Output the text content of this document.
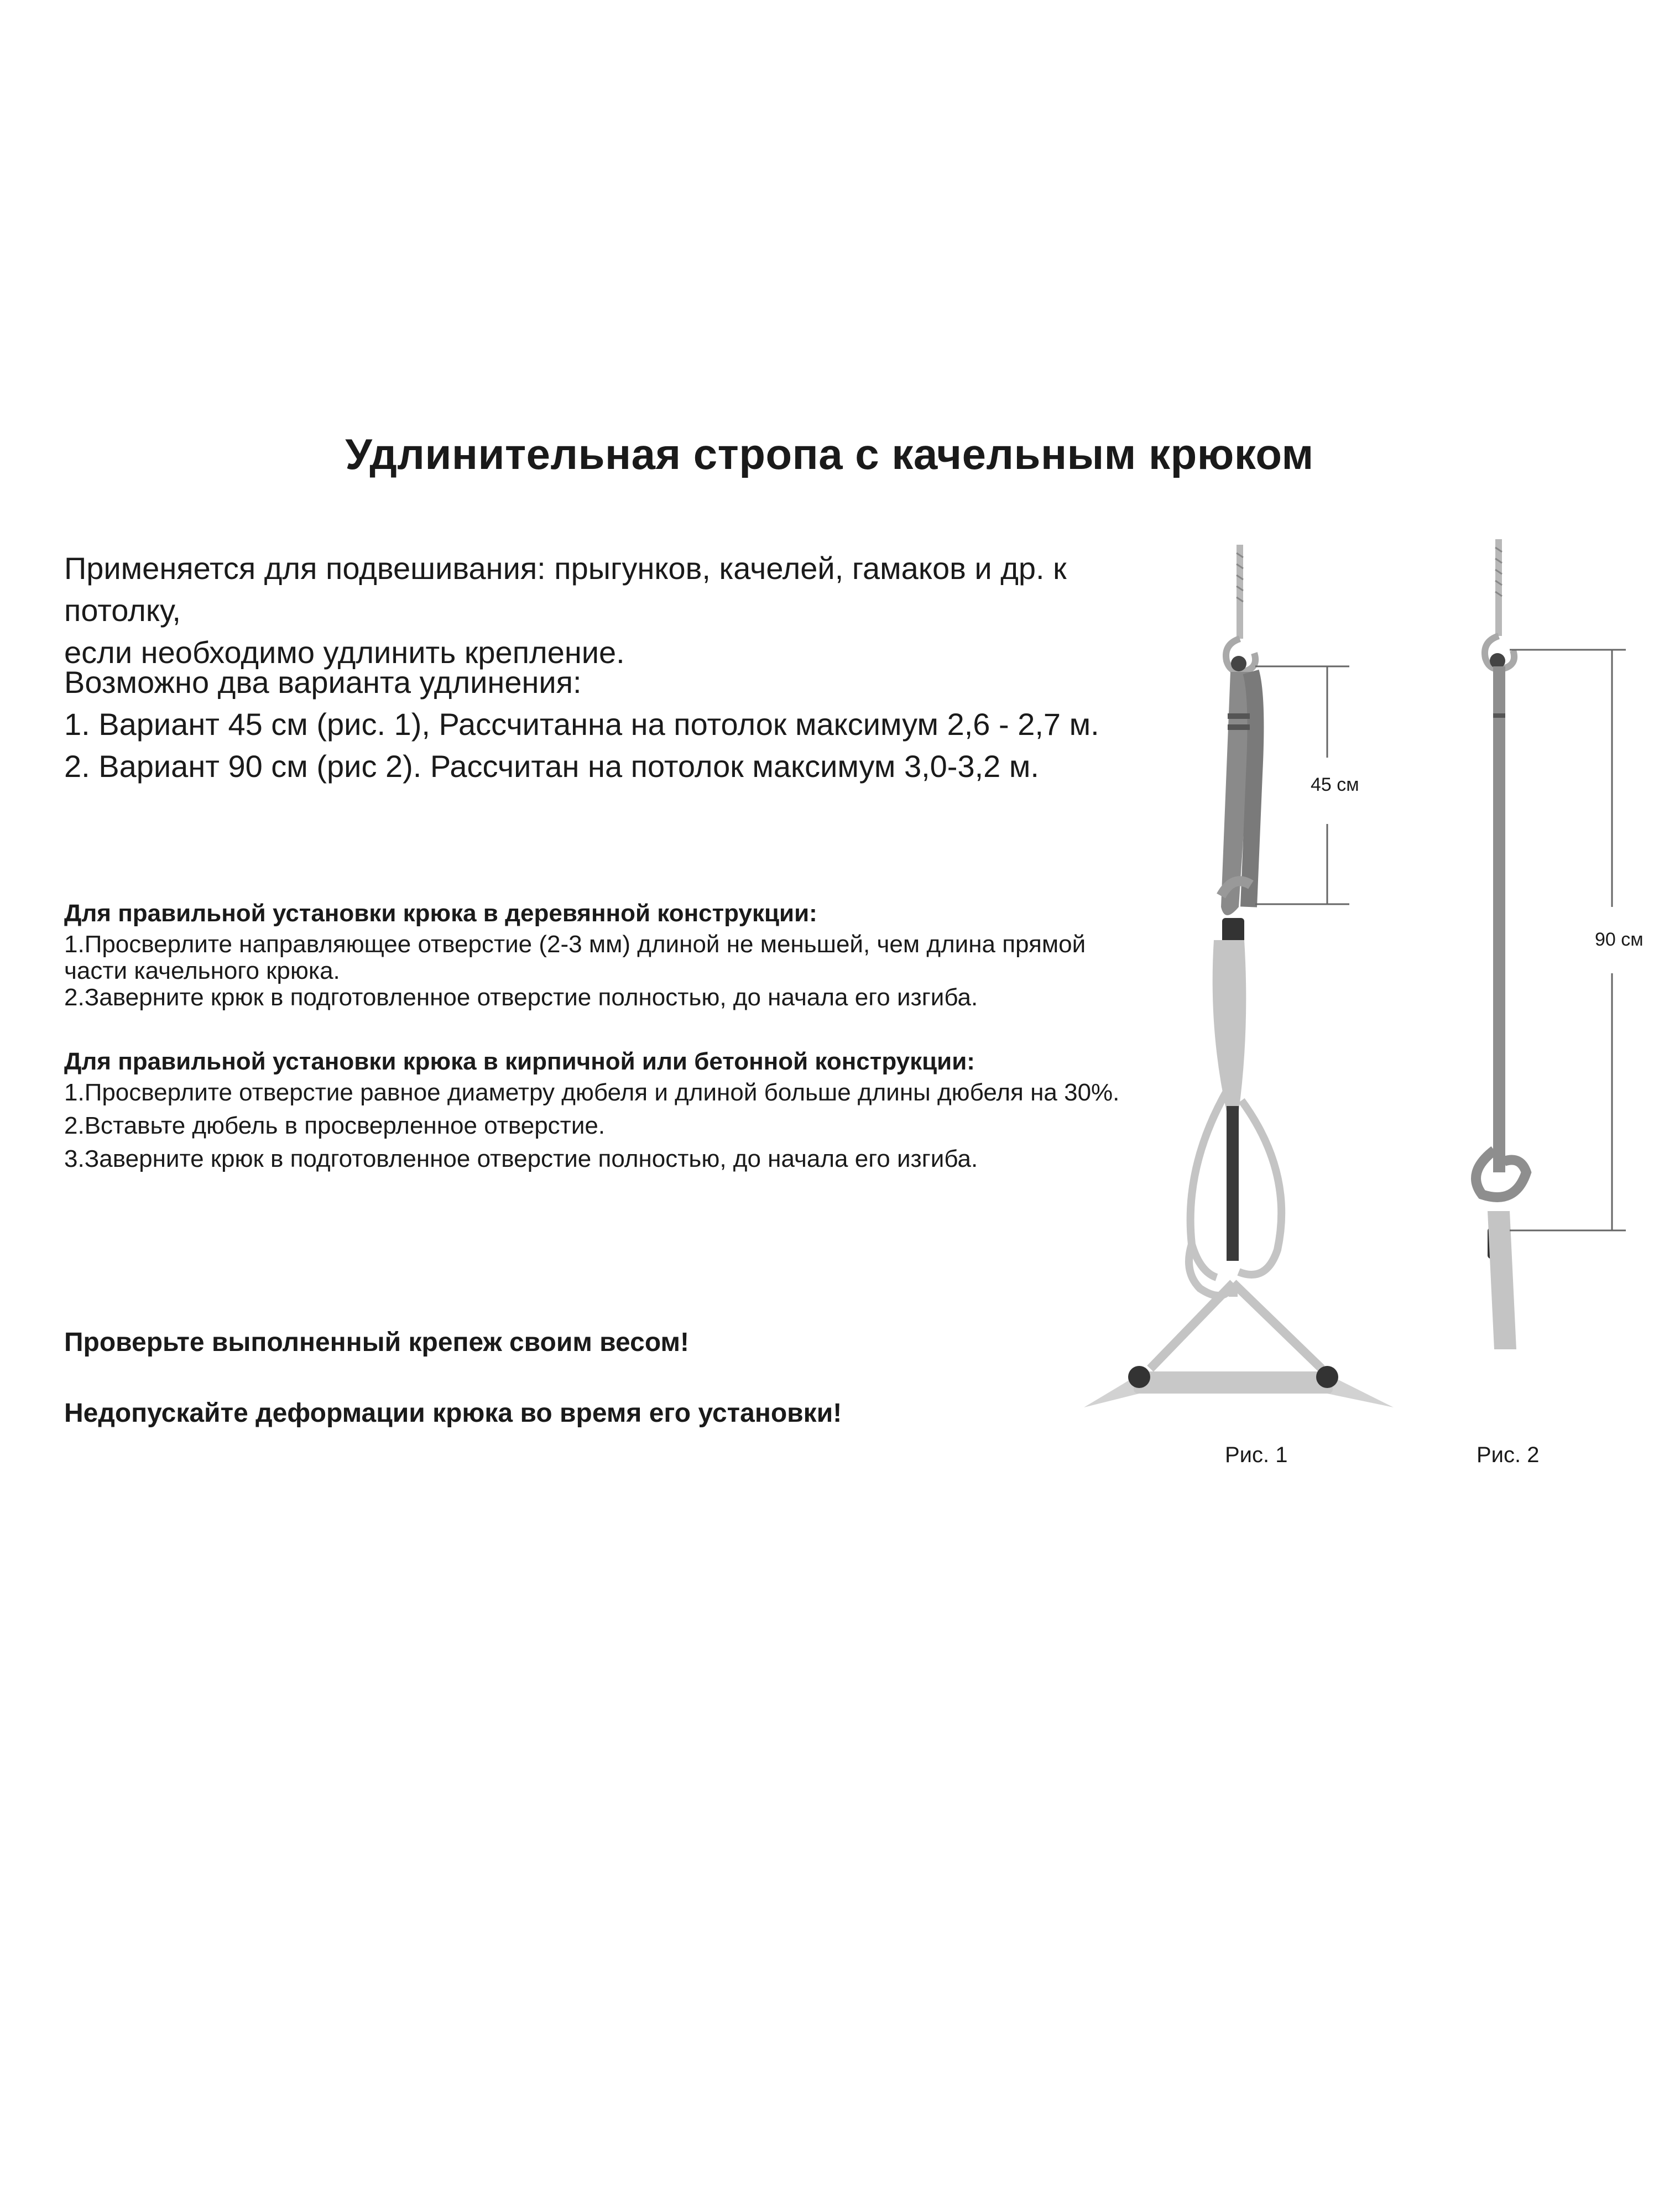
Удлинительная стропа с качельным крюком

Применяется для подвешивания: прыгунков, качелей, гамаков и др. к потолку,

если необходимо удлинить крепление.

Возможно два варианта удлинения:

1. Вариант 45 см (рис. 1), Рассчитанна на потолок максимум 2,6 - 2,7 м.

2. Вариант 90 см (рис 2). Рассчитан на потолок максимум 3,0-3,2 м.

Для правильной установки крюка в деревянной конструкции:

1.Просверлите направляющее отверстие (2-3 мм) длиной не меньшей, чем длина прямой

части качельного крюка.

2.Заверните крюк в подготовленное отверстие полностью, до начала его изгиба.

Для правильной установки крюка в кирпичной или бетонной конструкции:

1.Просверлите отверстие равное диаметру дюбеля и длиной больше длины дюбеля на 30%.

2.Вставьте дюбель в просверленное отверстие.

3.Заверните крюк в подготовленное отверстие полностью, до начала его изгиба.

Проверьте выполненный крепеж своим весом!
Недопускайте деформации крюка во время его установки!
45 см
Рис. 1
90 см
Рис. 2
